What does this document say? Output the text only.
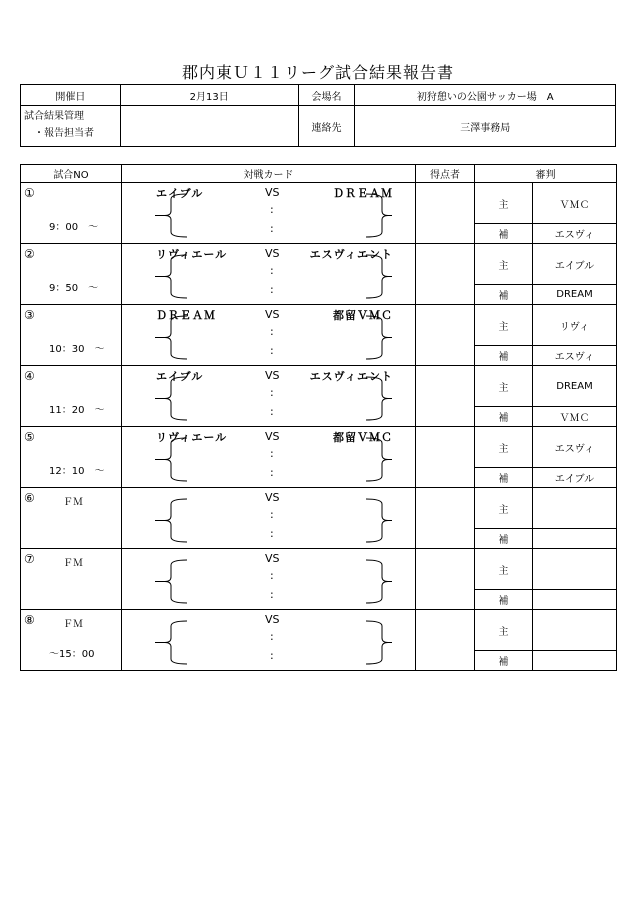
郡内東Ｕ１１リーグ試合結果報告書
開催日	2月13日	会場名	初狩憩いの公園サッカー場　A

試合結果管理
・報告担当者		連絡先	三澤事務局
試合NO	対戦カード	得点者	審判	

①
9：00　～	エイブル VS ＤＲＥＡＭ
:
:		主	ＶＭＣ
			補	エスヴィ

②
9：50　～	リヴィエール VS エスヴィエント
:
:		主	エイブル
			補	DREAM

③
10：30　～	ＤＲＥＡＭ VS 都留ＶＭＣ
:
:		主	リヴィ
			補	エスヴィ

④
11：20　～	エイブル VS エスヴィエント
:
:		主	DREAM
			補	ＶＭＣ

⑤
12：10　～	リヴィエール VS 都留ＶＭＣ
:
:		主	エスヴィ
			補	エイブル

⑥ ＦＭ	VS
:
:		主	
			補	

⑦ ＦＭ	VS
:
:		主	
			補	

⑧ ＦＭ
～15：00	VS
:
:		主	
			補	
